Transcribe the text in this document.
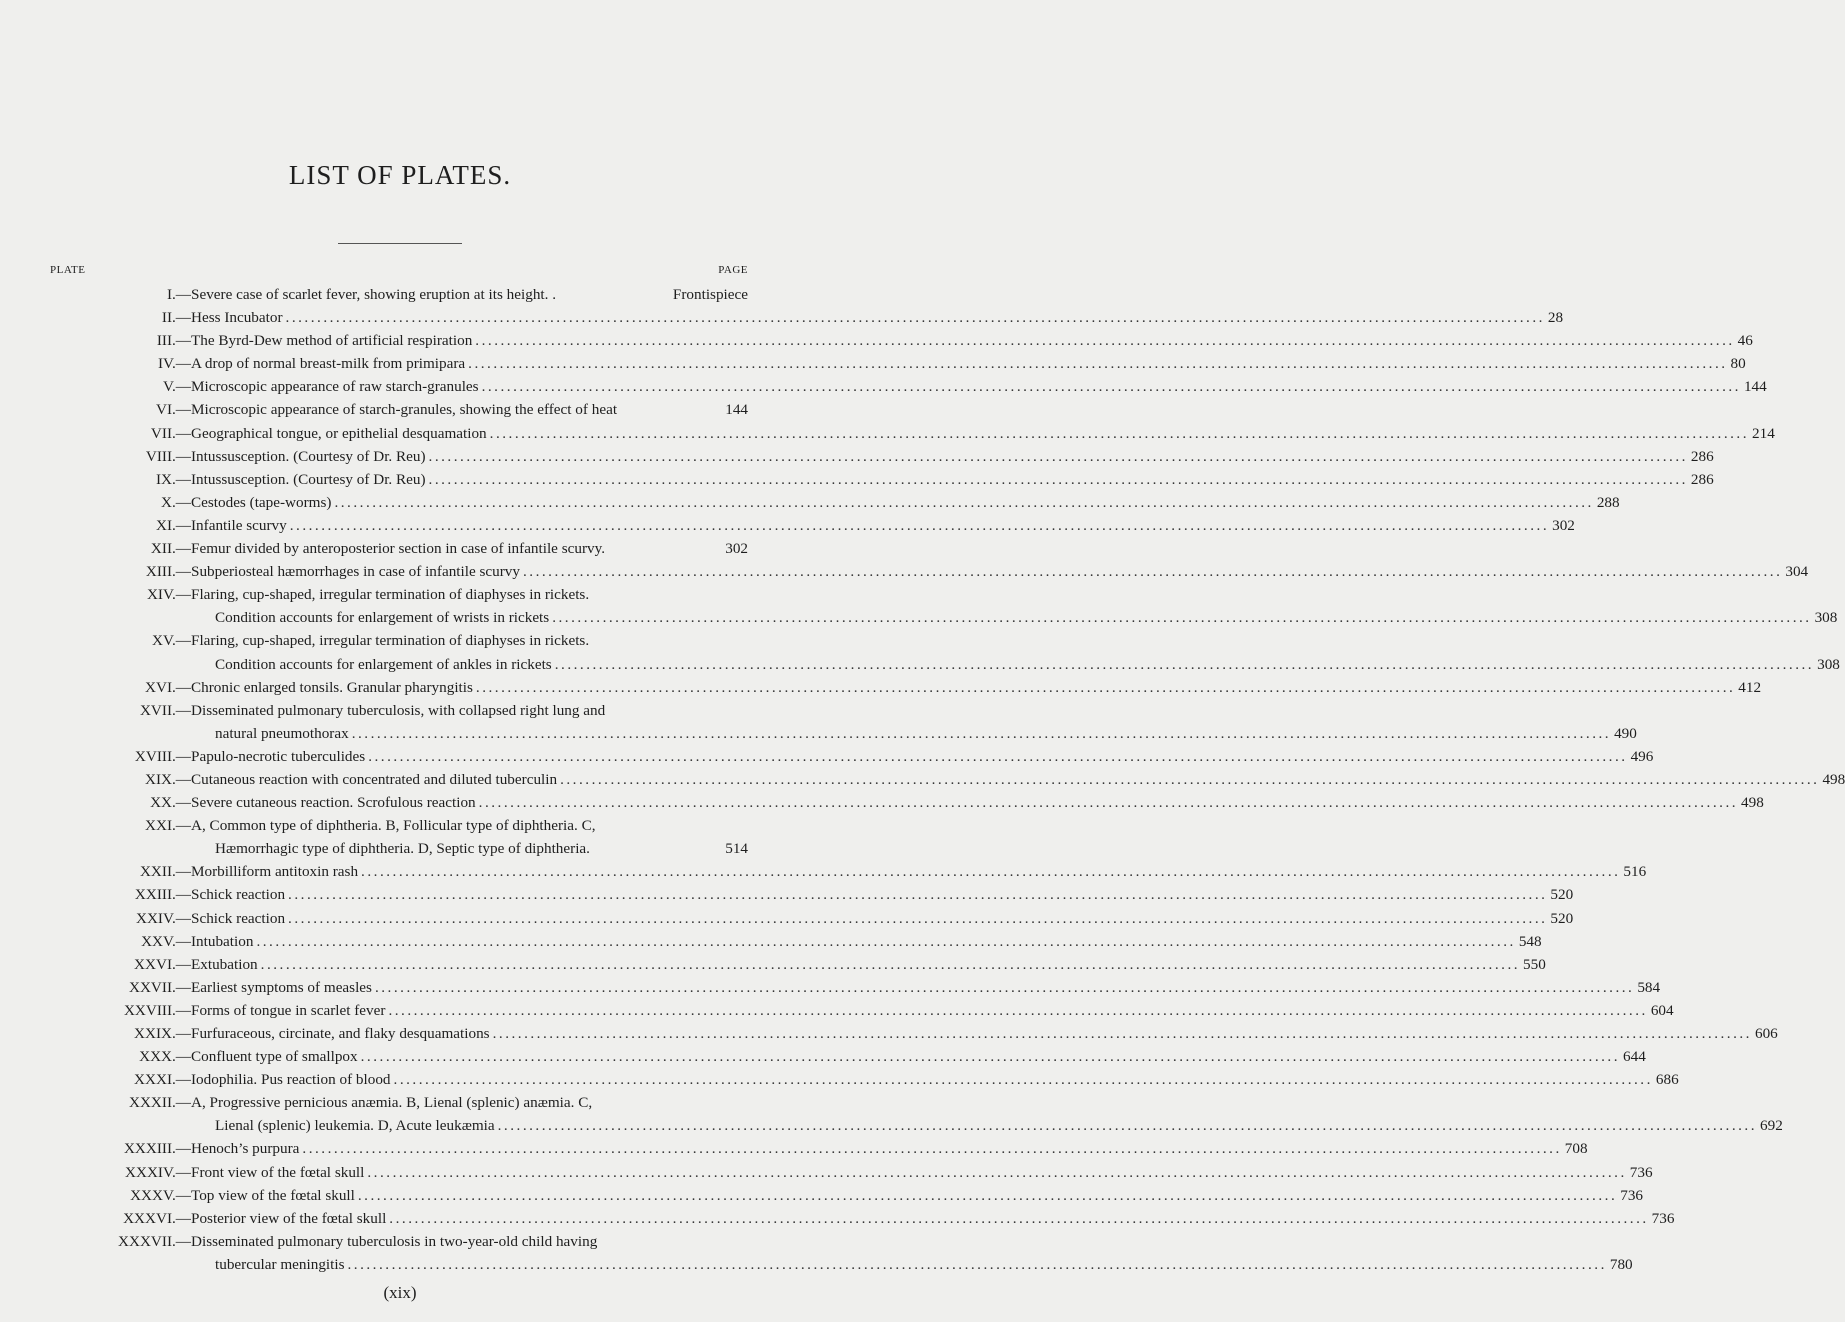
LIST OF PLATES.
PLATE	PAGE
I.— Severe case of scarlet fever, showing eruption at its height. .	Frontispiece
II.— Hess Incubator ........................................................................................................................................................................................................ 28
III.— The Byrd-Dew method of artificial respiration ........................................................................................................................................................................................................ 46
IV.— A drop of normal breast-milk from primipara ........................................................................................................................................................................................................ 80
V.— Microscopic appearance of raw starch-granules ........................................................................................................................................................................................................ 144
VI.— Microscopic appearance of starch-granules, showing the effect of heat	144
VII.— Geographical tongue, or epithelial desquamation ........................................................................................................................................................................................................ 214
VIII.— Intussusception. (Courtesy of Dr. Reu) ........................................................................................................................................................................................................ 286
IX.— Intussusception. (Courtesy of Dr. Reu) ........................................................................................................................................................................................................ 286
X.— Cestodes (tape-worms) ........................................................................................................................................................................................................ 288
XI.— Infantile scurvy ........................................................................................................................................................................................................ 302
XII.— Femur divided by anteroposterior section in case of infantile scurvy.	302
XIII.— Subperiosteal hæmorrhages in case of infantile scurvy ........................................................................................................................................................................................................ 304
XIV.— Flaring, cup-shaped, irregular termination of diaphyses in rickets.
Condition accounts for enlargement of wrists in rickets ........................................................................................................................................................................................................ 308
XV.— Flaring, cup-shaped, irregular termination of diaphyses in rickets.
Condition accounts for enlargement of ankles in rickets ........................................................................................................................................................................................................ 308
XVI.— Chronic enlarged tonsils. Granular pharyngitis ........................................................................................................................................................................................................ 412
XVII.— Disseminated pulmonary tuberculosis, with collapsed right lung and
natural pneumothorax ........................................................................................................................................................................................................ 490
XVIII.— Papulo-necrotic tuberculides ........................................................................................................................................................................................................ 496
XIX.— Cutaneous reaction with concentrated and diluted tuberculin ........................................................................................................................................................................................................ 498
XX.— Severe cutaneous reaction. Scrofulous reaction ........................................................................................................................................................................................................ 498
XXI.— A, Common type of diphtheria. B, Follicular type of diphtheria. C,
Hæmorrhagic type of diphtheria. D, Septic type of diphtheria.	514
XXII.— Morbilliform antitoxin rash ........................................................................................................................................................................................................ 516
XXIII.— Schick reaction ........................................................................................................................................................................................................ 520
XXIV.— Schick reaction ........................................................................................................................................................................................................ 520
XXV.— Intubation ........................................................................................................................................................................................................ 548
XXVI.— Extubation ........................................................................................................................................................................................................ 550
XXVII.— Earliest symptoms of measles ........................................................................................................................................................................................................ 584
XXVIII.— Forms of tongue in scarlet fever ........................................................................................................................................................................................................ 604
XXIX.— Furfuraceous, circinate, and flaky desquamations ........................................................................................................................................................................................................ 606
XXX.— Confluent type of smallpox ........................................................................................................................................................................................................ 644
XXXI.— Iodophilia. Pus reaction of blood ........................................................................................................................................................................................................ 686
XXXII.— A, Progressive pernicious anæmia. B, Lienal (splenic) anæmia. C,
Lienal (splenic) leukemia. D, Acute leukæmia ........................................................................................................................................................................................................ 692
XXXIII.— Henoch’s purpura ........................................................................................................................................................................................................ 708
XXXIV.— Front view of the fœtal skull ........................................................................................................................................................................................................ 736
XXXV.— Top view of the fœtal skull ........................................................................................................................................................................................................ 736
XXXVI.— Posterior view of the fœtal skull ........................................................................................................................................................................................................ 736
XXXVII.— Disseminated pulmonary tuberculosis in two-year-old child having
tubercular meningitis ........................................................................................................................................................................................................ 780
(xix)
